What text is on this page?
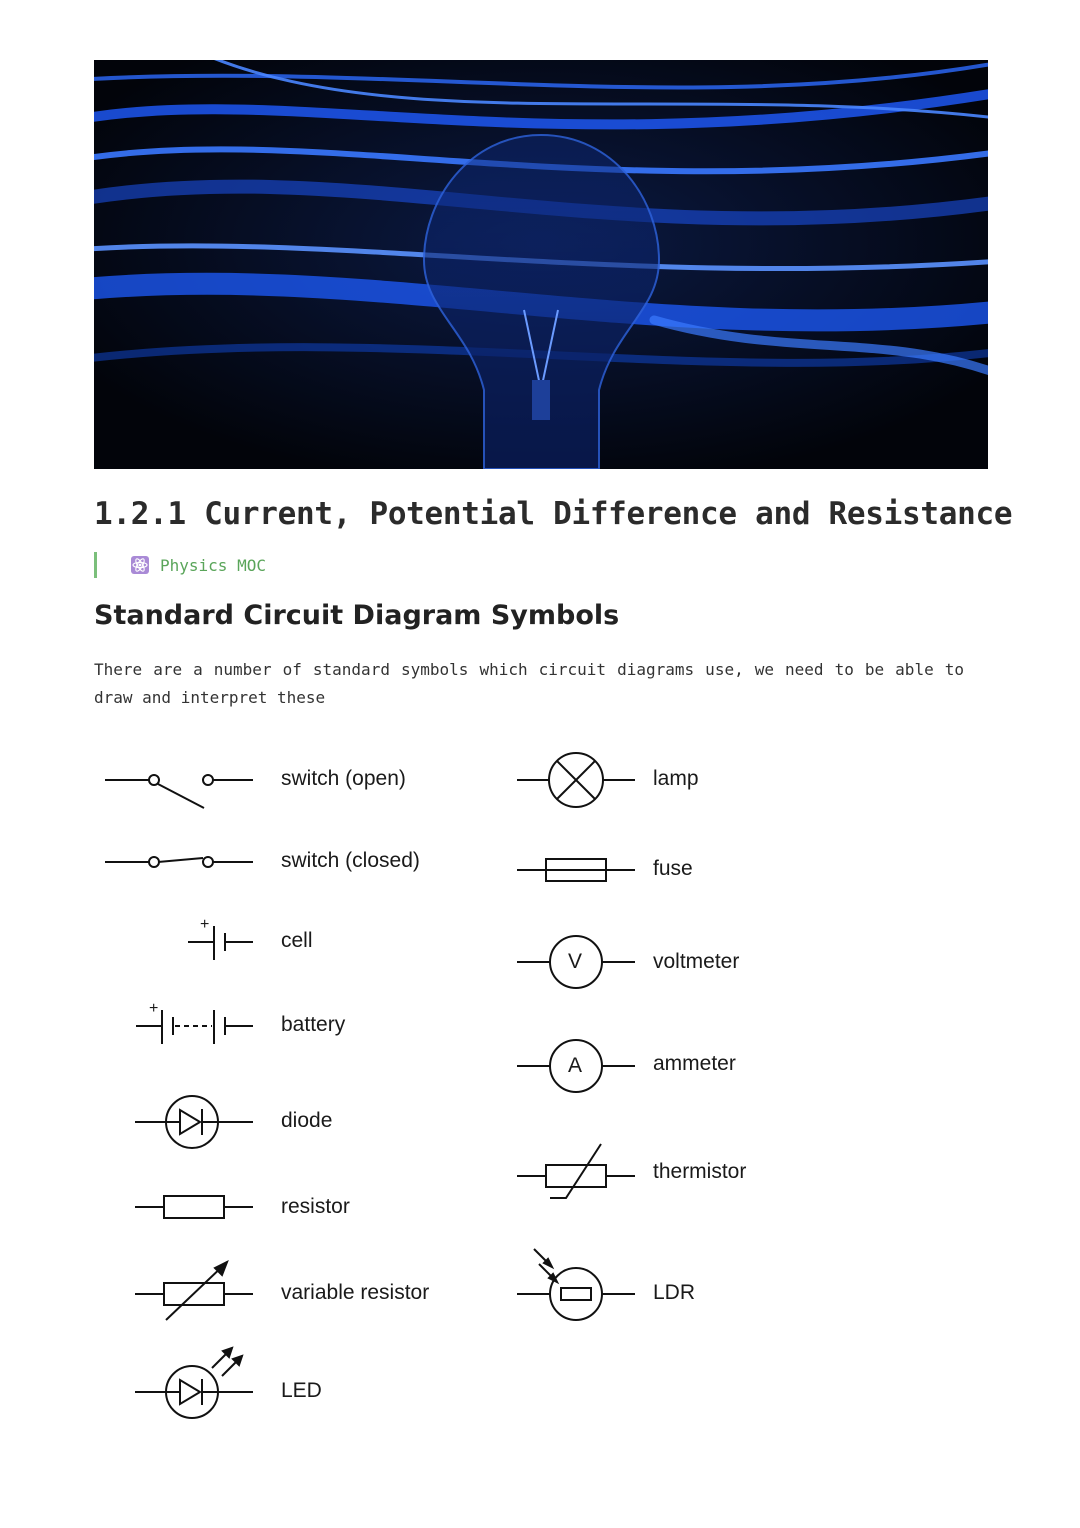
1.2.1 Current, Potential Difference and Resistance
Physics MOC
Standard Circuit Diagram Symbols

There are a number of standard symbols which circuit diagrams use, we need to be able to draw and interpret these

+
+
V
A
switch (open)
switch (closed)
cell
battery
diode
resistor
variable resistor
LED
lamp
fuse
voltmeter
ammeter
thermistor
LDR
